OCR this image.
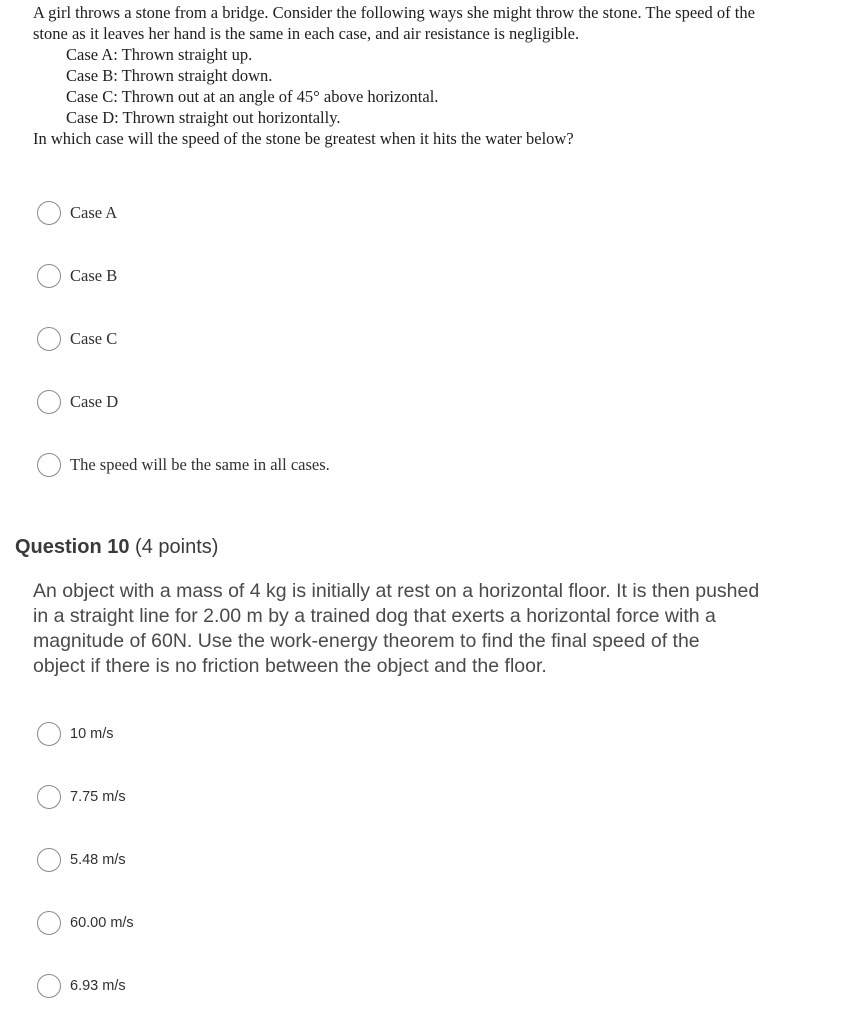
A girl throws a stone from a bridge. Consider the following ways she might throw the stone. The speed of the
stone as it leaves her hand is the same in each case, and air resistance is negligible.
Case A: Thrown straight up.
Case B: Thrown straight down.
Case C: Thrown out at an angle of 45° above horizontal.
Case D: Thrown straight out horizontally.
In which case will the speed of the stone be greatest when it hits the water below?
Case A
Case B
Case C
Case D
The speed will be the same in all cases.
Question 10 (4 points)
An object with a mass of 4 kg is initially at rest on a horizontal floor. It is then pushed
in a straight line for 2.00 m by a trained dog that exerts a horizontal force with a
magnitude of 60N. Use the work-energy theorem to find the final speed of the
object if there is no friction between the object and the floor.
10 m/s
7.75 m/s
5.48 m/s
60.00 m/s
6.93 m/s
